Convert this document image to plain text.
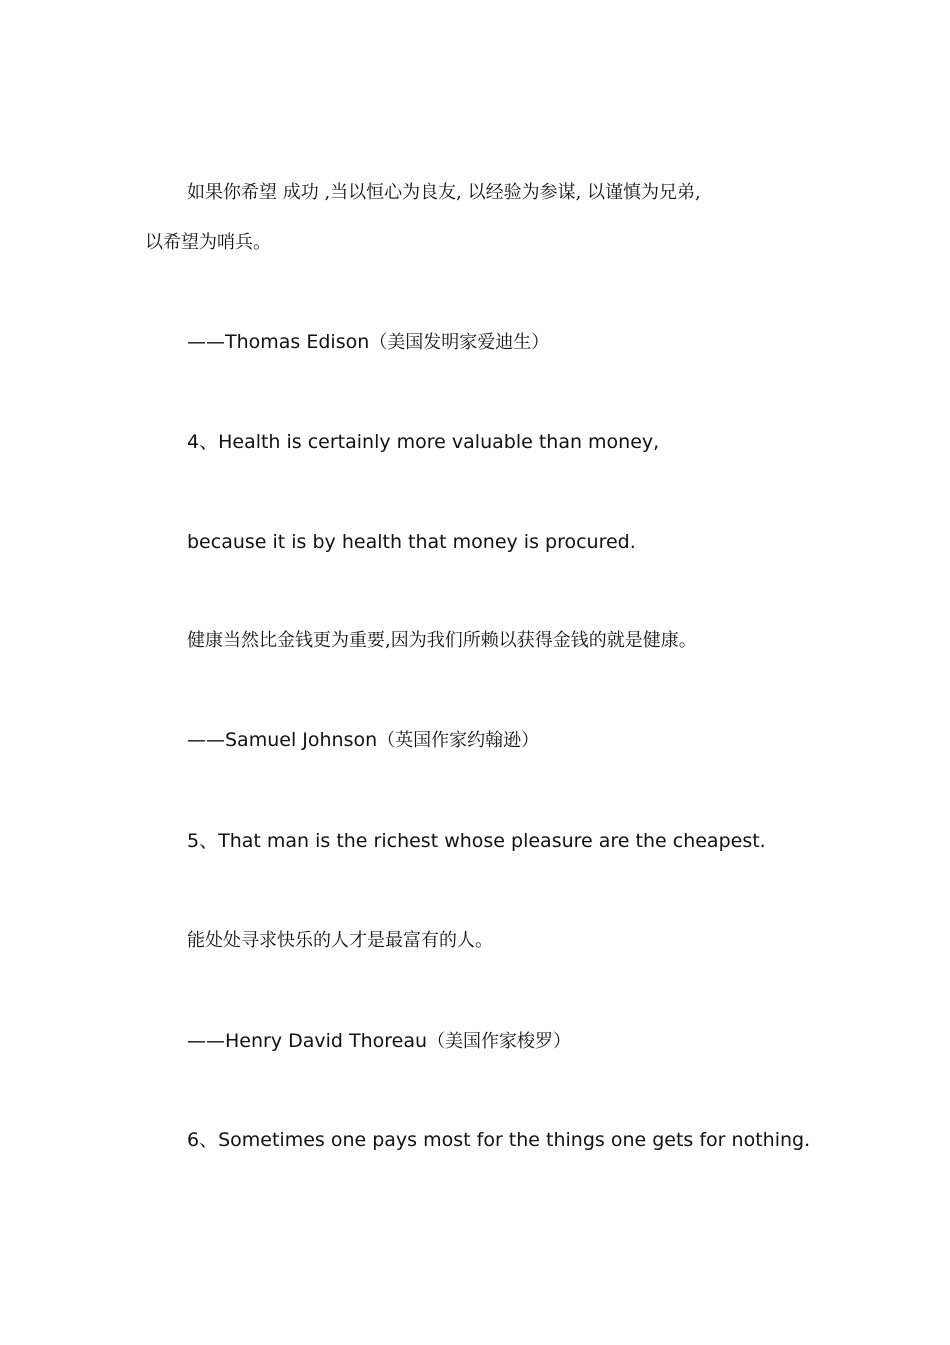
如果你希望 成功 ,当以恒心为良友, 以经验为参谋, 以谨慎为兄弟,
以希望为哨兵。
——Thomas Edison（美国发明家爱迪生）
4、Health is certainly more valuable than money,
because it is by health that money is procured.
健康当然比金钱更为重要,因为我们所赖以获得金钱的就是健康。
——Samuel Johnson（英国作家约翰逊）
5、That man is the richest whose pleasure are the cheapest.
能处处寻求快乐的人才是最富有的人。
——Henry David Thoreau（美国作家梭罗）
6、Sometimes one pays most for the things one gets for nothing.
